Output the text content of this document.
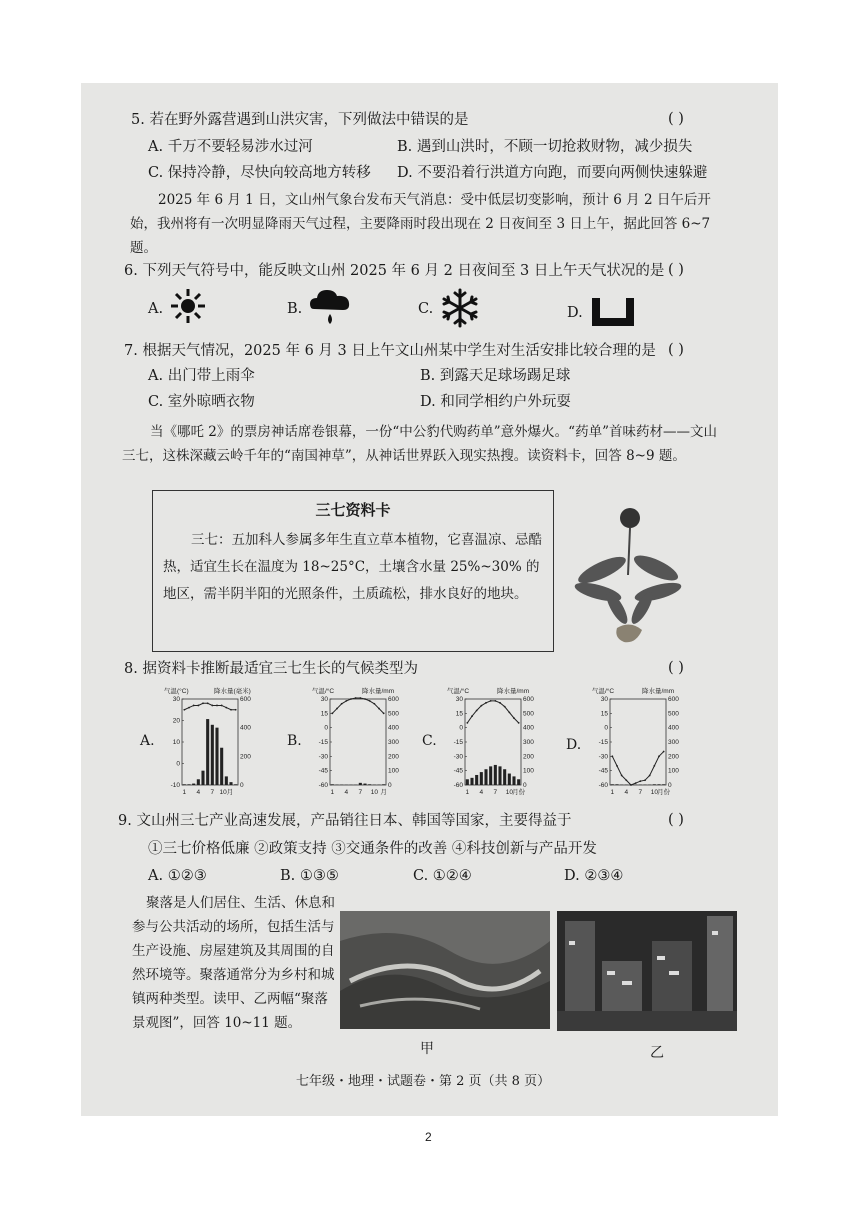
5. 若在野外露营遇到山洪灾害，下列做法中错误的是	( )
A. 千万不要轻易涉水过河	B. 遇到山洪时，不顾一切抢救财物，减少损失
C. 保持冷静，尽快向较高地方转移 D. 不要沿着行洪道方向跑，而要向两侧快速躲避
2025 年 6 月 1 日，文山州气象台发布天气消息：受中低层切变影响，预计 6 月 2 日午后开始，我州将有一次明显降雨天气过程，主要降雨时段出现在 2 日夜间至 3 日上午，据此回答 6~7 题。
6. 下列天气符号中，能反映文山州 2025 年 6 月 2 日夜间至 3 日上午天气状况的是 ( )
A.	B.	C.	D.
7. 根据天气情况，2025 年 6 月 3 日上午文山州某中学生对生活安排比较合理的是 ( )
A. 出门带上雨伞	B. 到露天足球场踢足球
C. 室外晾晒衣物	D. 和同学相约户外玩耍
当《哪吒 2》的票房神话席卷银幕，一份“中公豹代购药单”意外爆火。“药单”首味药材——文山三七，这株深藏云岭千年的“南国神草”，从神话世界跃入现实热搜。读资料卡，回答 8~9 题。
三七资料卡
三七：五加科人参属多年生直立草本植物，它喜温凉、忌酷热，适宜生长在温度为 18~25°C，土壤含水量 25%~30% 的地区，需半阴半阳的光照条件，土质疏松，排水良好的地块。
8. 据资料卡推断最适宜三七生长的气候类型为	( )
A.	B.	C.	D.
气温(°C)	降水量(毫米)
30
20
10
0
-10
600
400
200
0
1 4 7 10月
气温/°C	降水量/mm
30
15
0
-15
-30
-45
-60
600
500
400
300
200
100
0
1 4 7 10 月
气温/°C	降水量/mm
30
15
0
-15
-30
-45
-60
600
500
400
300
200
100
0
1 4 7 10 月份
气温/°C	降水量/mm
30
15
0
-15
-30
-45
-60
600
500
400
300
200
100
0
1 4 7 10 月份
9. 文山州三七产业高速发展，产品销往日本、韩国等国家，主要得益于	( )
①三七价格低廉 ②政策支持 ③交通条件的改善 ④科技创新与产品开发
A. ①②③	B. ①③⑤	C. ①②④	D. ②③④
聚落是人们居住、生活、休息和参与公共活动的场所，包括生活与生产设施、房屋建筑及其周围的自然环境等。聚落通常分为乡村和城镇两种类型。读甲、乙两幅“聚落景观图”，回答 10~11 题。
甲	乙
七年级・地理・试题卷・第 2 页（共 8 页）
2
